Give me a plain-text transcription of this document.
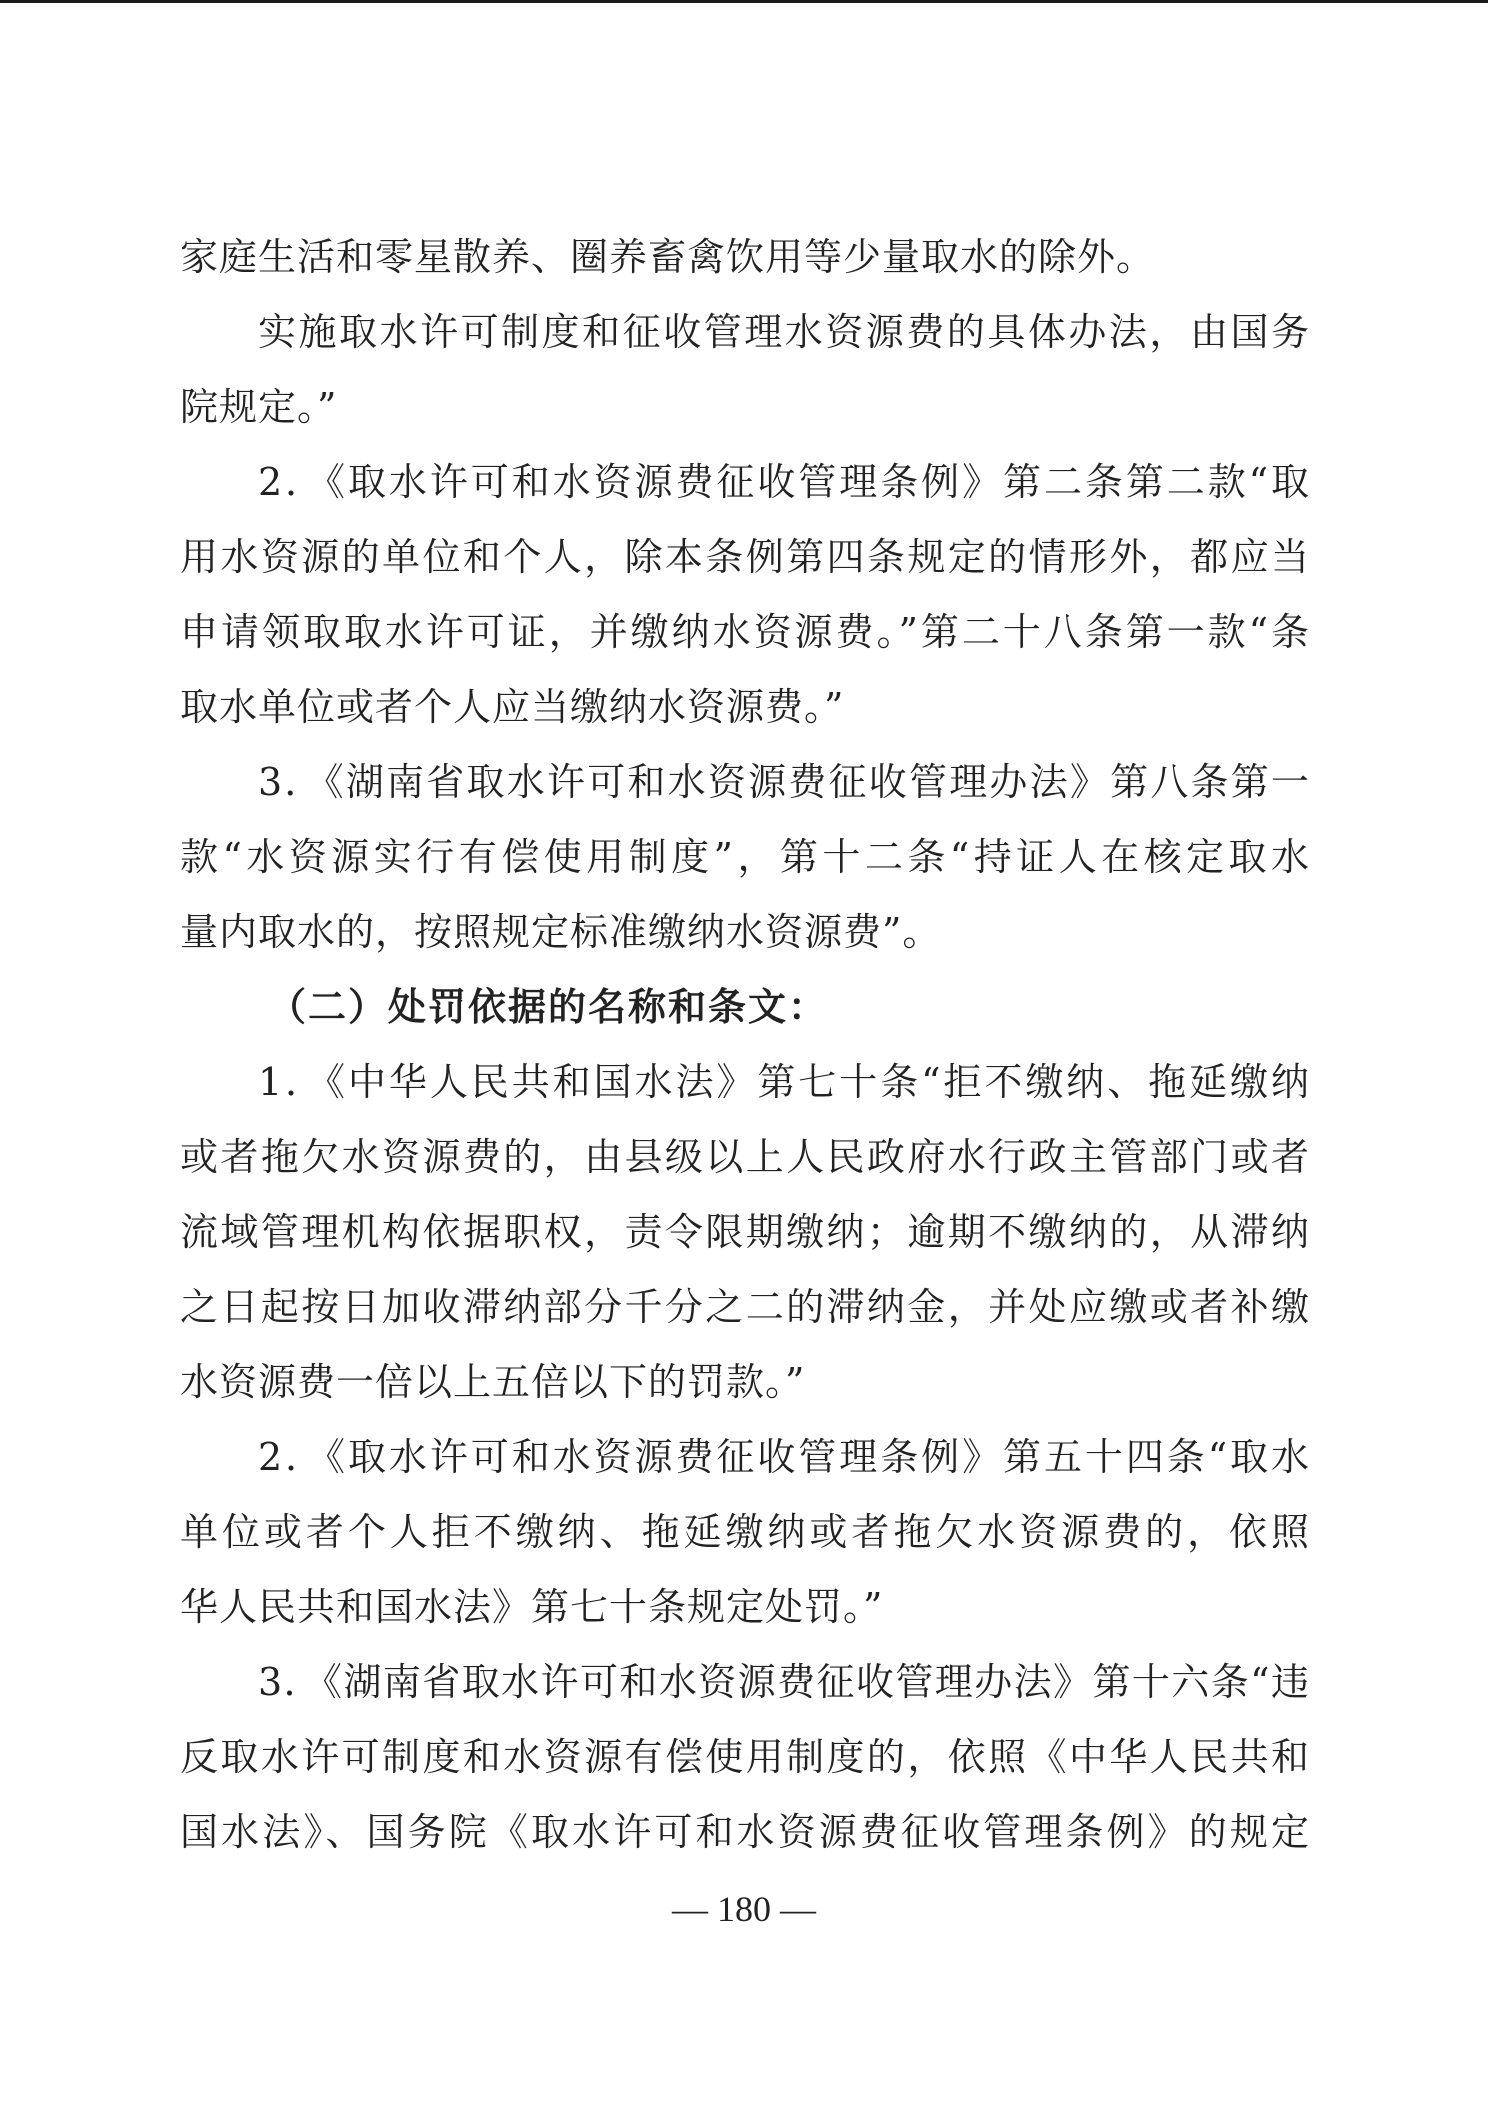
家庭生活和零星散养、圈养畜禽饮用等少量取水的除外。
实施取水许可制度和征收管理水资源费的具体办法，由国务
院规定。”
2．《取水许可和水资源费征收管理条例》第二条第二款“取
用水资源的单位和个人，除本条例第四条规定的情形外，都应当
申请领取取水许可证，并缴纳水资源费。”第二十八条第一款“条
取水单位或者个人应当缴纳水资源费。”
3．《湖南省取水许可和水资源费征收管理办法》第八条第一
款“水资源实行有偿使用制度”，第十二条“持证人在核定取水
量内取水的，按照规定标准缴纳水资源费”。
（二）处罚依据的名称和条文：
1．《中华人民共和国水法》第七十条“拒不缴纳、拖延缴纳
或者拖欠水资源费的，由县级以上人民政府水行政主管部门或者
流域管理机构依据职权，责令限期缴纳；逾期不缴纳的，从滞纳
之日起按日加收滞纳部分千分之二的滞纳金，并处应缴或者补缴
水资源费一倍以上五倍以下的罚款。”
2．《取水许可和水资源费征收管理条例》第五十四条“取水
单位或者个人拒不缴纳、拖延缴纳或者拖欠水资源费的，依照
华人民共和国水法》第七十条规定处罚。”
3．《湖南省取水许可和水资源费征收管理办法》第十六条“违
反取水许可制度和水资源有偿使用制度的，依照《中华人民共和
国水法》、国务院《取水许可和水资源费征收管理条例》的规定
— 180 —
